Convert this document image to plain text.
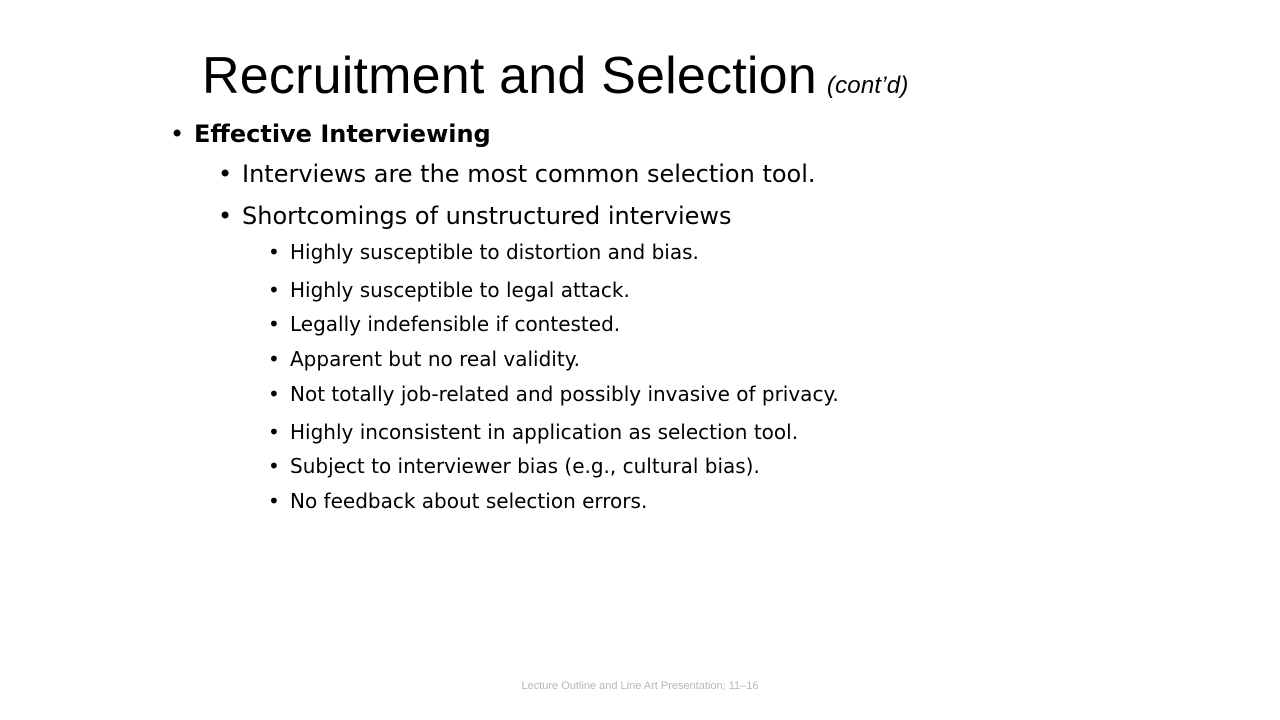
Recruitment and Selection (cont’d)
• Effective Interviewing
• Interviews are the most common selection tool.
• Shortcomings of unstructured interviews
• Highly susceptible to distortion and bias.
• Highly susceptible to legal attack.
• Legally indefensible if contested.
• Apparent but no real validity.
• Not totally job-related and possibly invasive of privacy.
• Highly inconsistent in application as selection tool.
• Subject to interviewer bias (e.g., cultural bias).
• No feedback about selection errors.
Lecture Outline and Line Art Presentation; 11–16
